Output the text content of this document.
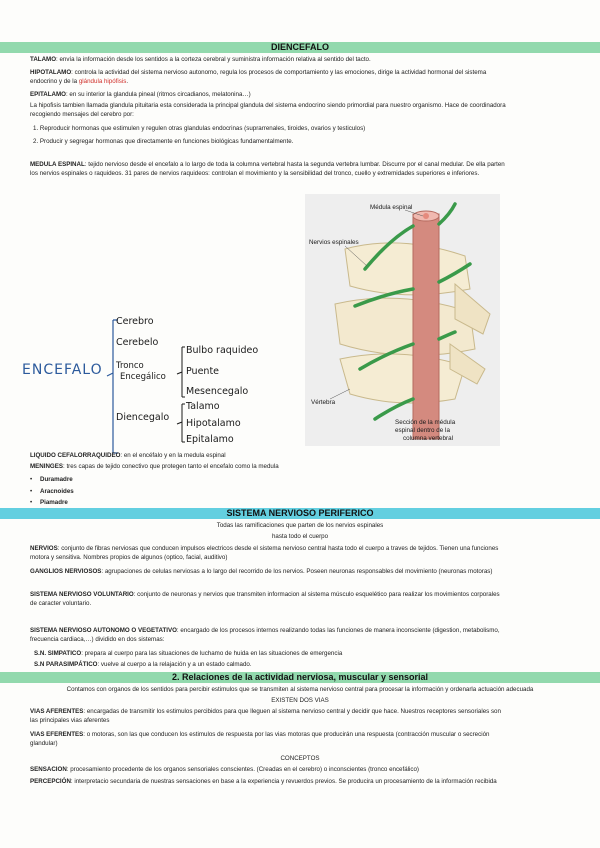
DIENCEFALO
TALAMO: envía la información desde los sentidos a la corteza cerebral y suministra información relativa al sentido del tacto.
HIPOTALAMO: controla la actividad del sistema nervioso autonomo, regula los procesos de comportamiento y las emociones, dirige la actividad hormonal del sistema
endocrino y de la glándula hipófisis.
EPITALAMO: en su interior la glandula pineal (ritmos circadianos, melatonina…)
La hipofisis tambien llamada glandula pituitaria esta considerada la principal glandula del sistema endocrino siendo primordial para nuestro organismo. Hace de coordinadora
recogiendo mensajes del cerebro por:
1. Reproducir hormonas que estimulen y regulen otras glandulas endocrinas (suprarrenales, tiroides, ovarios y testiculos)
2. Producir y segregar hormonas que directamente en funciones biológicas fundamentalmente.
MEDULA ESPINAL: tejido nervioso desde el encefalo a lo largo de toda la columna vertebral hasta la segunda vertebra lumbar. Discurre por el canal medular. De ella parten
los nervios espinales o raquideos. 31 pares de nervios raquideos: controlan el movimiento y la sensibilidad del tronco, cuello y extremidades superiores e inferiores.
ENCEFALO
Cerebro
Cerebelo
Tronco
Encegálico
Bulbo raquideo
Puente
Mesencegalo
Diencegalo
Talamo
Hipotalamo
Epitalamo
Médula espinal
Nervios espinales
Vértebra
Sección de la médula
espinal dentro de la
columna vertebral
LIQUIDO CEFALORRAQUIDEO: en el encéfalo y en la medula espinal
MENINGES: tres capas de tejido conectivo que protegen tanto el encefalo como la medula
• Duramadre
• Aracnoides
• Piamadre
SISTEMA NERVIOSO PERIFERICO
Todas las ramificaciones que parten de los nervios espinales
hasta todo el cuerpo
NERVIOS: conjunto de fibras nerviosas que conducen impulsos electricos desde el sistema nervioso central hasta todo el cuerpo a traves de tejidos. Tienen una funciones
motora y sensitiva. Nombres propios de algunos (optico, facial, auditivo)
GANGLIOS NERVIOSOS: agrupaciones de celulas nerviosas a lo largo del recorrido de los nervios. Poseen neuronas responsables del movimiento (neuronas motoras)
SISTEMA NERVIOSO VOLUNTARIO: conjunto de neuronas y nervios que transmiten informacion al sistema músculo esquelético para realizar los movimientos corporales
de caracter voluntario.
SISTEMA NERVIOSO AUTONOMO O VEGETATIVO: encargado de los procesos internos realizando todas las funciones de manera inconsciente (digestion, metabolismo,
frecuencia cardiaca,…) dividido en dos sistemas:
S.N. SIMPATICO: prepara al cuerpo para las situaciones de luchamo de huida en las situaciones de emergencia
S.N PARASIMPÁTICO: vuelve al cuerpo a la relajación y a un estado calmado.
2. Relaciones de la actividad nerviosa, muscular y sensorial
Contamos con organos de los sentidos para percibir estimulos que se transmiten al sistema nervioso central para procesar la información y ordenarla actuación adecuada
EXISTEN DOS VIAS
VIAS AFERENTES: encargadas de transmitir los estimulos percibidos para que lleguen al sistema nervioso central y decidir que hace. Nuestros receptores sensoriales son
las principales vias aferentes
VIAS EFERENTES: o motoras, son las que conducen los estimulos de respuesta por las vias motoras que producirán una respuesta (contracción muscular o secreción
glandular)
CONCEPTOS
SENSACION: procesamiento procedente de los organos sensoriales conscientes. (Creadas en el cerebro) o inconscientes (tronco encefálico)
PERCEPCIÓN: interpretacio secundaria de nuestras sensaciones en base a la experiencia y revuerdos previos. Se producira un procesamiento de la información recibida
